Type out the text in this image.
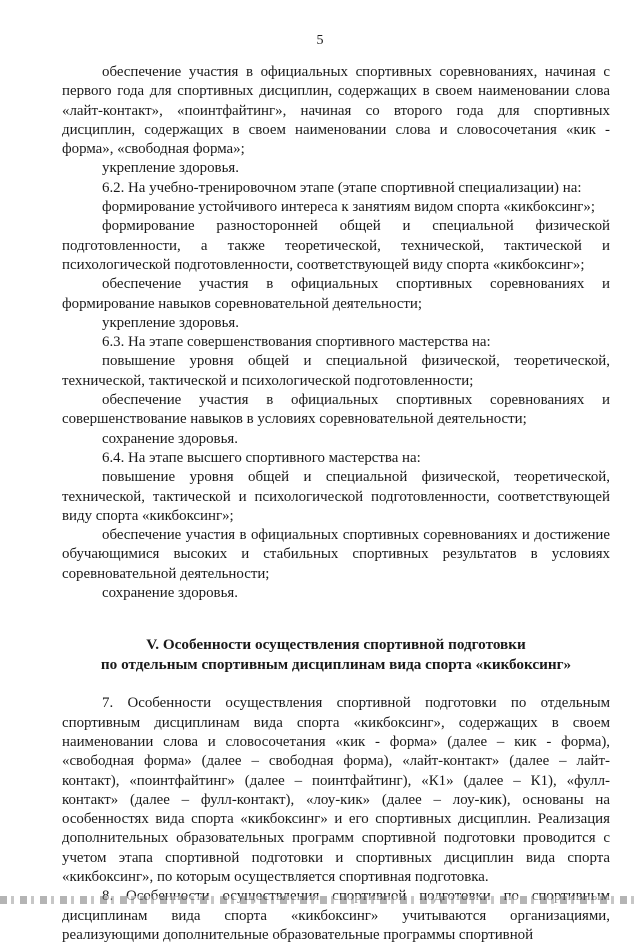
5

обеспечение участия в официальных спортивных соревнованиях, начиная с первого года для спортивных дисциплин, содержащих в своем наименовании слова «лайт-контакт», «поинтфайтинг», начиная со второго года для спортивных дисциплин, содержащих в своем наименовании слова и словосочетания «кик - форма», «свободная форма»;

укрепление здоровья.

6.2. На учебно-тренировочном этапе (этапе спортивной специализации) на:

формирование устойчивого интереса к занятиям видом спорта «кикбоксинг»;

формирование разносторонней общей и специальной физической подготовленности, а также теоретической, технической, тактической и психологической подготовленности, соответствующей виду спорта «кикбоксинг»;

обеспечение участия в официальных спортивных соревнованиях и формирование навыков соревновательной деятельности;

укрепление здоровья.

6.3. На этапе совершенствования спортивного мастерства на:

повышение уровня общей и специальной физической, теоретической, технической, тактической и психологической подготовленности;

обеспечение участия в официальных спортивных соревнованиях и совершенствование навыков в условиях соревновательной деятельности;

сохранение здоровья.

6.4. На этапе высшего спортивного мастерства на:

повышение уровня общей и специальной физической, теоретической, технической, тактической и психологической подготовленности, соответствующей виду спорта «кикбоксинг»;

обеспечение участия в официальных спортивных соревнованиях и достижение обучающимися высоких и стабильных спортивных результатов в условиях соревновательной деятельности;

сохранение здоровья.

V. Особенности осуществления спортивной подготовки
по отдельным спортивным дисциплинам вида спорта «кикбоксинг»

7. Особенности осуществления спортивной подготовки по отдельным спортивным дисциплинам вида спорта «кикбоксинг», содержащих в своем наименовании слова и словосочетания «кик - форма» (далее – кик - форма), «свободная форма» (далее – свободная форма), «лайт-контакт» (далее – лайт-контакт), «поинтфайтинг» (далее – поинтфайтинг), «К1» (далее – К1), «фулл-контакт» (далее – фулл-контакт), «лоу-кик» (далее – лоу-кик), основаны на особенностях вида спорта «кикбоксинг» и его спортивных дисциплин. Реализация дополнительных образовательных программ спортивной подготовки проводится с учетом этапа спортивной подготовки и спортивных дисциплин вида спорта «кикбоксинг», по которым осуществляется спортивная подготовка.

дисциплинам вида спорта «кикбоксинг» учитываются организациями, реализующими дополнительные образовательные программы спортивной
